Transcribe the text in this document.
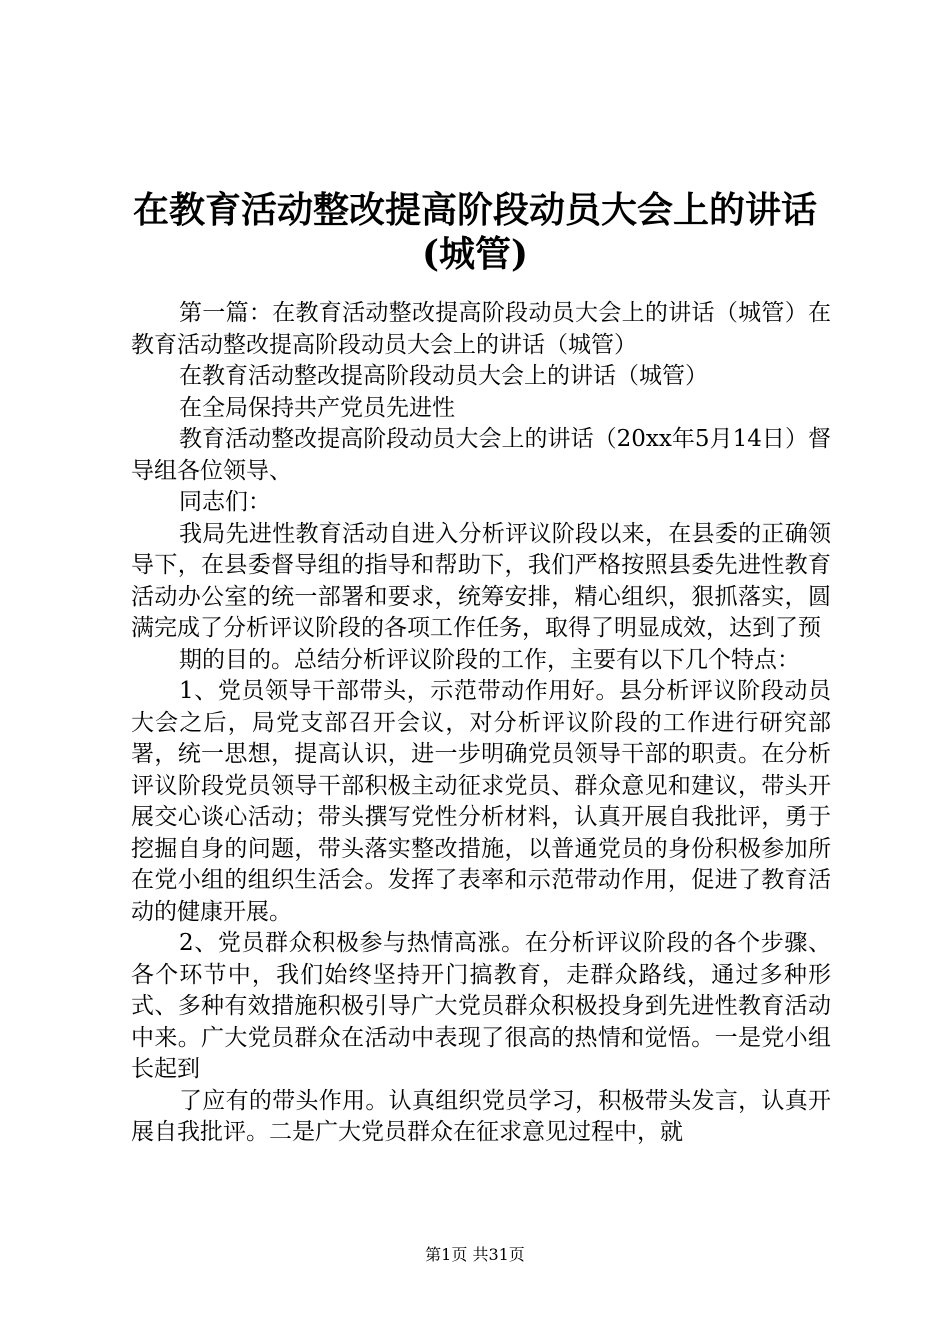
在教育活动整改提高阶段动员大会上的讲话
(城管)

第一篇：在教育活动整改提高阶段动员大会上的讲话（城管）在教育活动整改提高阶段动员大会上的讲话（城管）

在教育活动整改提高阶段动员大会上的讲话（城管）

在全局保持共产党员先进性

教育活动整改提高阶段动员大会上的讲话（20xx年5月14日）督导组各位领导、

同志们：

我局先进性教育活动自进入分析评议阶段以来，在县委的正确领导下，在县委督导组的指导和帮助下，我们严格按照县委先进性教育活动办公室的统一部署和要求，统筹安排，精心组织，狠抓落实，圆满完成了分析评议阶段的各项工作任务，取得了明显成效，达到了预

期的目的。总结分析评议阶段的工作，主要有以下几个特点：

1、党员领导干部带头，示范带动作用好。县分析评议阶段动员大会之后，局党支部召开会议，对分析评议阶段的工作进行研究部署，统一思想，提高认识，进一步明确党员领导干部的职责。在分析评议阶段党员领导干部积极主动征求党员、群众意见和建议，带头开展交心谈心活动；带头撰写党性分析材料，认真开展自我批评，勇于挖掘自身的问题，带头落实整改措施，以普通党员的身份积极参加所在党小组的组织生活会。发挥了表率和示范带动作用，促进了教育活动的健康开展。

2、党员群众积极参与热情高涨。在分析评议阶段的各个步骤、各个环节中，我们始终坚持开门搞教育，走群众路线，通过多种形式、多种有效措施积极引导广大党员群众积极投身到先进性教育活动中来。广大党员群众在活动中表现了很高的热情和觉悟。一是党小组长起到

了应有的带头作用。认真组织党员学习，积极带头发言，认真开展自我批评。二是广大党员群众在征求意见过程中，就

第1页 共31页
